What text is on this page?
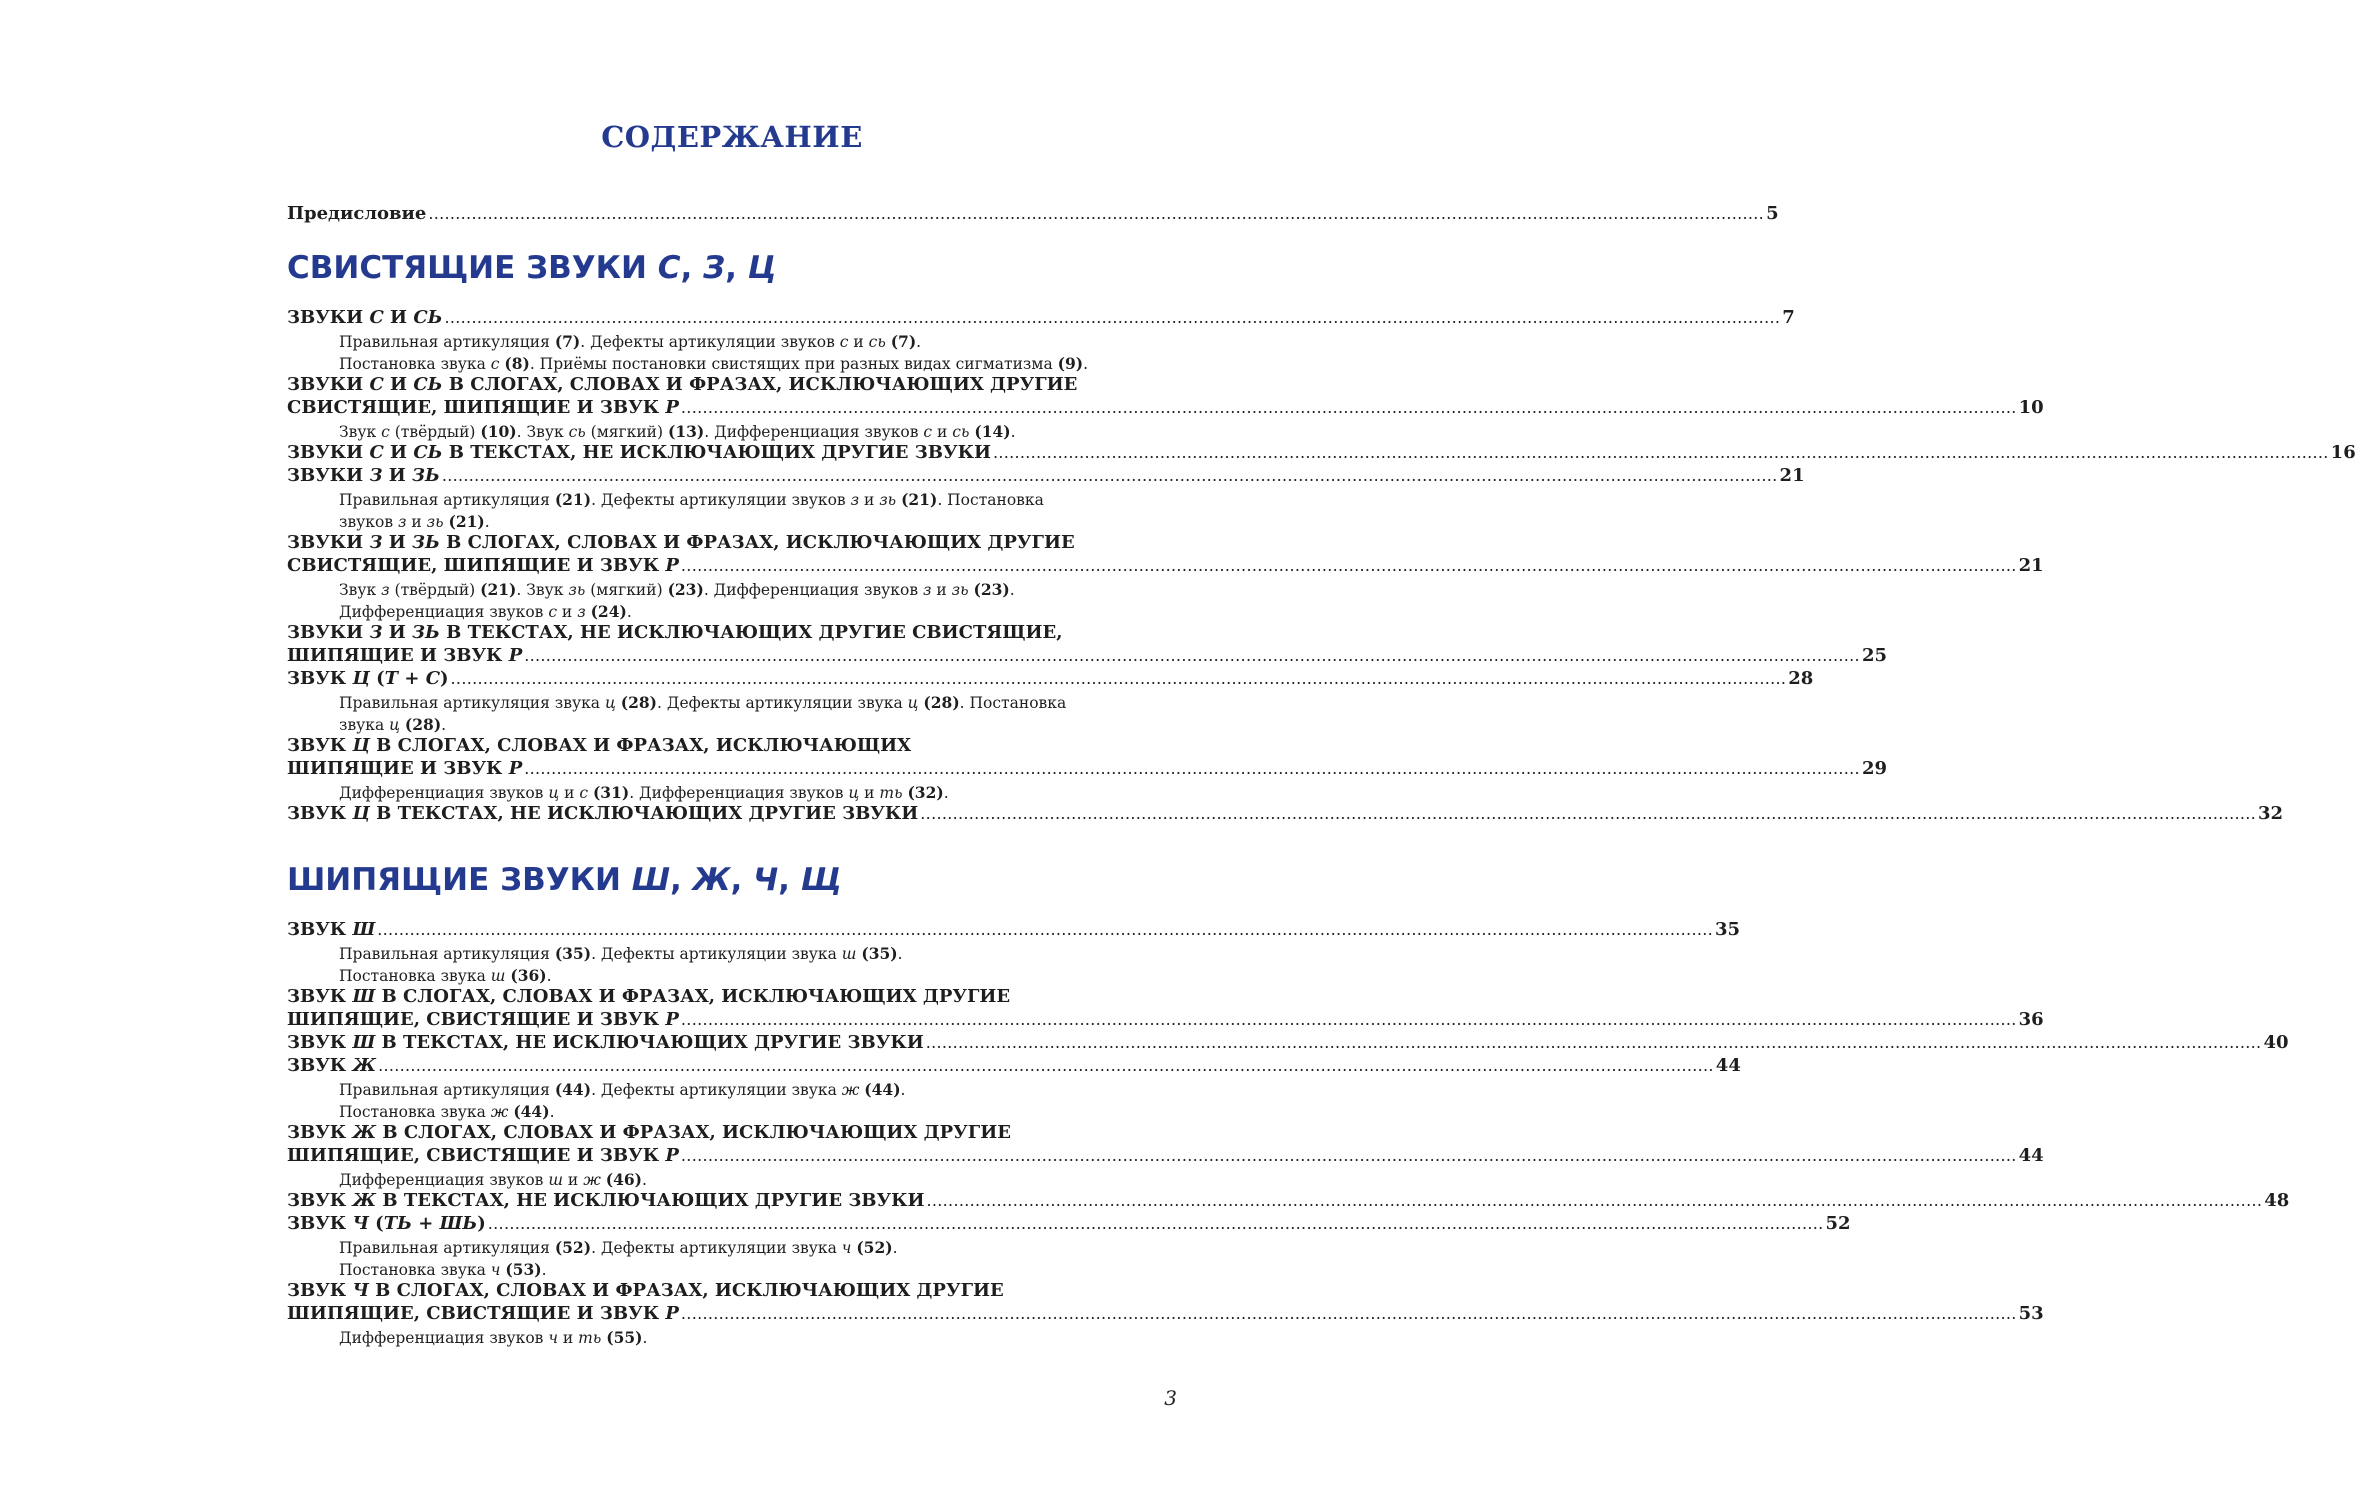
СОДЕРЖАНИЕ
Предисловие ........................................................................................................................................................................................................................................................ 5
СВИСТЯЩИЕ ЗВУКИ С, З, Ц
ЗВУКИ С И СЬ ........................................................................................................................................................................................................................................................ 7
Правильная артикуляция (7). Дефекты артикуляции звуков с и сь (7).
Постановка звука с (8). Приёмы постановки свистящих при разных видах сигматизма (9).
ЗВУКИ С И СЬ В СЛОГАХ, СЛОВАХ И ФРАЗАХ, ИСКЛЮЧАЮЩИХ ДРУГИЕ
СВИСТЯЩИЕ, ШИПЯЩИЕ И ЗВУК Р ........................................................................................................................................................................................................................................................ 10
Звук с (твёрдый) (10). Звук сь (мягкий) (13). Дифференциация звуков с и сь (14).
ЗВУКИ С И СЬ В ТЕКСТАХ, НЕ ИСКЛЮЧАЮЩИХ ДРУГИЕ ЗВУКИ ........................................................................................................................................................................................................................................................ 16
ЗВУКИ З И ЗЬ ........................................................................................................................................................................................................................................................ 21
Правильная артикуляция (21). Дефекты артикуляции звуков з и зь (21). Постановка
звуков з и зь (21).
ЗВУКИ З И ЗЬ В СЛОГАХ, СЛОВАХ И ФРАЗАХ, ИСКЛЮЧАЮЩИХ ДРУГИЕ
СВИСТЯЩИЕ, ШИПЯЩИЕ И ЗВУК Р ........................................................................................................................................................................................................................................................ 21
Звук з (твёрдый) (21). Звук зь (мягкий) (23). Дифференциация звуков з и зь (23).
Дифференциация звуков с и з (24).
ЗВУКИ З И ЗЬ В ТЕКСТАХ, НЕ ИСКЛЮЧАЮЩИХ ДРУГИЕ СВИСТЯЩИЕ,
ШИПЯЩИЕ И ЗВУК Р ........................................................................................................................................................................................................................................................ 25
ЗВУК Ц (Т + С) ........................................................................................................................................................................................................................................................ 28
Правильная артикуляция звука ц (28). Дефекты артикуляции звука ц (28). Постановка
звука ц (28).
ЗВУК Ц В СЛОГАХ, СЛОВАХ И ФРАЗАХ, ИСКЛЮЧАЮЩИХ
ШИПЯЩИЕ И ЗВУК Р ........................................................................................................................................................................................................................................................ 29
Дифференциация звуков ц и с (31). Дифференциация звуков ц и ть (32).
ЗВУК Ц В ТЕКСТАХ, НЕ ИСКЛЮЧАЮЩИХ ДРУГИЕ ЗВУКИ ........................................................................................................................................................................................................................................................ 32
ШИПЯЩИЕ ЗВУКИ Ш, Ж, Ч, Щ
ЗВУК Ш ........................................................................................................................................................................................................................................................ 35
Правильная артикуляция (35). Дефекты артикуляции звука ш (35).
Постановка звука ш (36).
ЗВУК Ш В СЛОГАХ, СЛОВАХ И ФРАЗАХ, ИСКЛЮЧАЮЩИХ ДРУГИЕ
ШИПЯЩИЕ, СВИСТЯЩИЕ И ЗВУК Р ........................................................................................................................................................................................................................................................ 36
ЗВУК Ш В ТЕКСТАХ, НЕ ИСКЛЮЧАЮЩИХ ДРУГИЕ ЗВУКИ ........................................................................................................................................................................................................................................................ 40
ЗВУК Ж ........................................................................................................................................................................................................................................................ 44
Правильная артикуляция (44). Дефекты артикуляции звука ж (44).
Постановка звука ж (44).
ЗВУК Ж В СЛОГАХ, СЛОВАХ И ФРАЗАХ, ИСКЛЮЧАЮЩИХ ДРУГИЕ
ШИПЯЩИЕ, СВИСТЯЩИЕ И ЗВУК Р ........................................................................................................................................................................................................................................................ 44
Дифференциация звуков ш и ж (46).
ЗВУК Ж В ТЕКСТАХ, НЕ ИСКЛЮЧАЮЩИХ ДРУГИЕ ЗВУКИ ........................................................................................................................................................................................................................................................ 48
ЗВУК Ч (ТЬ + ШЬ) ........................................................................................................................................................................................................................................................ 52
Правильная артикуляция (52). Дефекты артикуляции звука ч (52).
Постановка звука ч (53).
ЗВУК Ч В СЛОГАХ, СЛОВАХ И ФРАЗАХ, ИСКЛЮЧАЮЩИХ ДРУГИЕ
ШИПЯЩИЕ, СВИСТЯЩИЕ И ЗВУК Р ........................................................................................................................................................................................................................................................ 53
Дифференциация звуков ч и ть (55).
3
